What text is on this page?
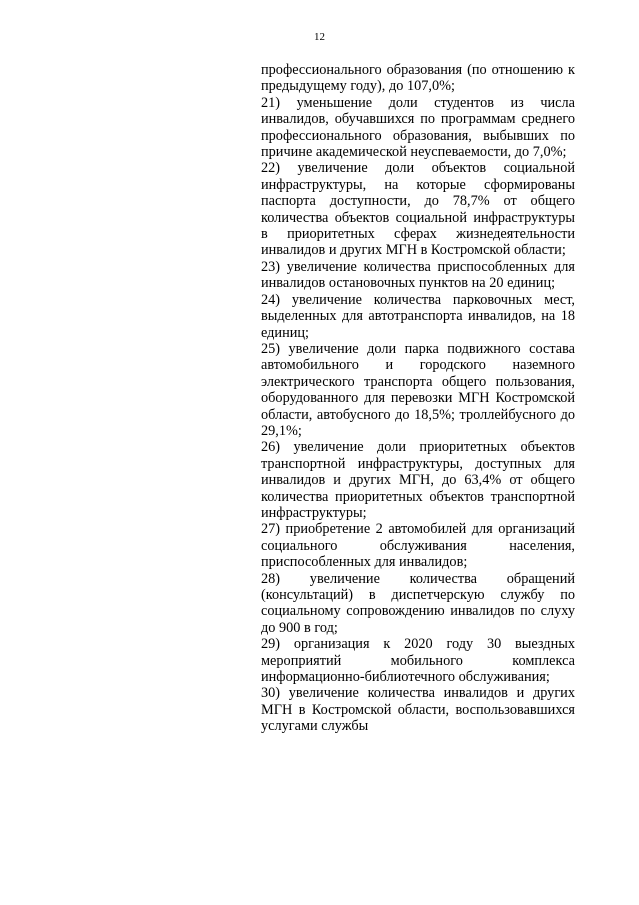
12

профессионального образования (по отношению к предыдущему году), до 107,0%;

21) уменьшение доли студентов из числа инвалидов, обучавшихся по программам среднего профессионального образования, выбывших по причине академической неуспеваемости, до 7,0%;

22) увеличение доли объектов социальной инфраструктуры, на которые сформированы паспорта доступности, до 78,7% от общего количества объектов социальной инфраструктуры в приоритетных сферах жизнедеятельности инвалидов и других МГН в Костромской области;

23) увеличение количества приспособленных для инвалидов остановочных пунктов на 20 единиц;

24) увеличение количества парковочных мест, выделенных для автотранспорта инвалидов, на 18 единиц;

25) увеличение доли парка подвижного состава автомобильного и городского наземного электрического транспорта общего пользования, оборудованного для перевозки МГН Костромской области, автобусного до 18,5%; троллейбусного до 29,1%;

26) увеличение доли приоритетных объектов транспортной инфраструктуры, доступных для инвалидов и других МГН, до 63,4% от общего количества приоритетных объектов транспортной инфраструктуры;

27) приобретение 2 автомобилей для организаций социального обслуживания населения, приспособленных для инвалидов;

28) увеличение количества обращений (консультаций) в диспетчерскую службу по социальному сопровождению инвалидов по слуху до 900 в год;

29) организация к 2020 году 30 выездных мероприятий мобильного комплекса информационно-библиотечного обслуживания;

30) увеличение количества инвалидов и других МГН в Костромской области, воспользовавшихся услугами службы
